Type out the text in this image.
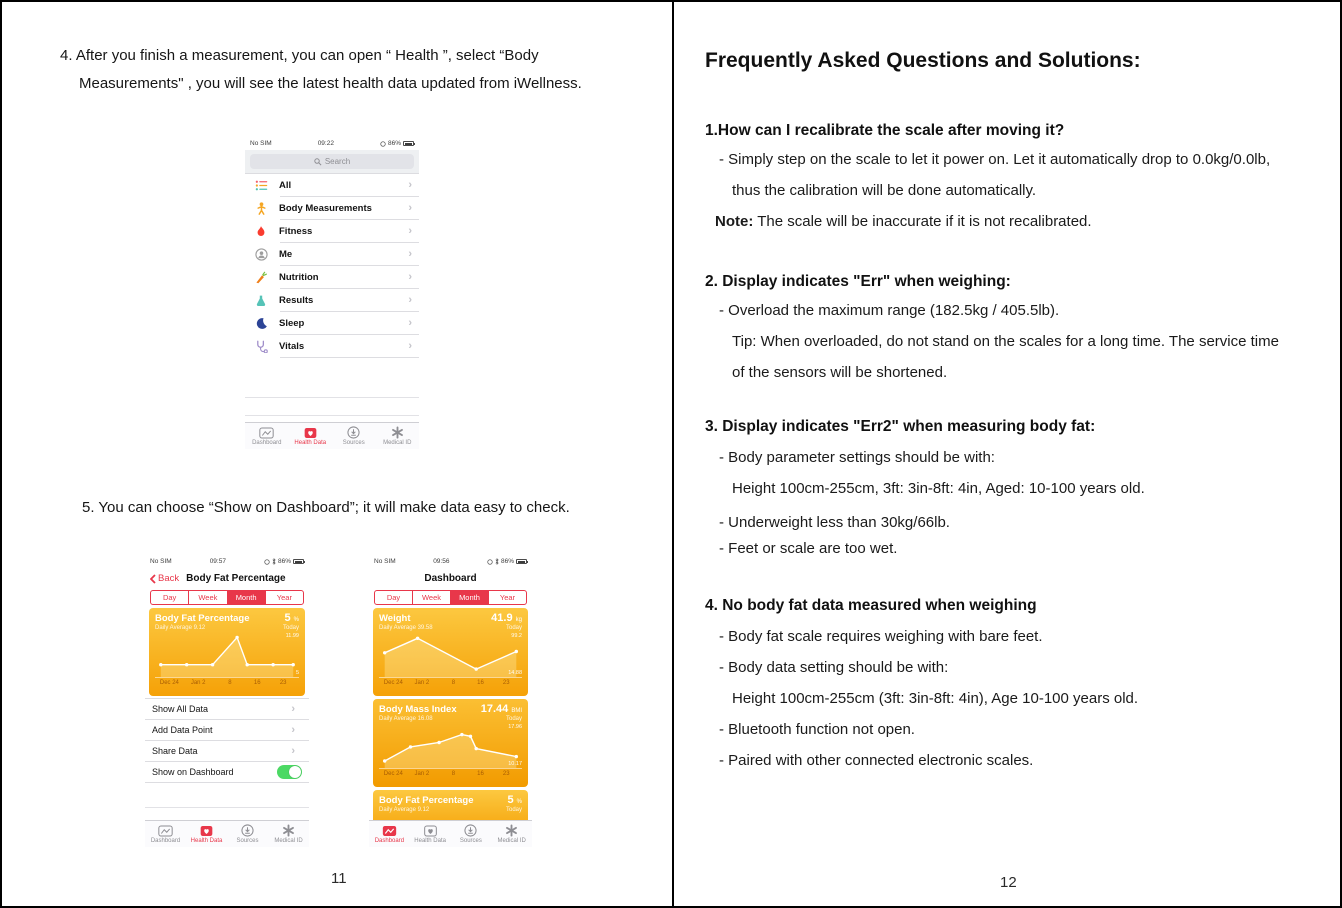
4. After you finish a measurement, you can open “ Health ”, select “Body
Measurements" , you will see the latest health data updated from iWellness.
No SIM	09:22	86%
Search
All	›
Body Measurements	›
Fitness	›
Me	›
Nutrition	›
Results	›
Sleep	›
Vitals	›
Dashboard Health Data	Sources	Medical ID
5. You can choose “Show on Dashboard”; it will make data easy to check.
No SIM	09:57	86%
Back Body Fat Percentage
Day	Week	Month	Year
Body Fat Percentage	5 %
Daily Average 9.12	Today
11.99
5
Dec 24 Jan 2	8	16	23
Show All Data	›
Add Data Point	›
Share Data	›
Show on Dashboard
Dashboard Health Data Sources	Medical ID
No SIM	09:56	86%
Dashboard
Day	Week	Month	Year
Weight	41.9 kg
Daily Average 39.58	Today
99.2
14.88
Dec 24 Jan 2	8	16	23
Body Mass Index 17.44 BMI
Daily Average 16.08	Today
17.96
10.17
Dec 24 Jan 2	8	16	23
Body Fat Percentage	5 %
Daily Average 9.12	Today
Dashboard Health Data Sources	Medical ID
11
Frequently Asked Questions and Solutions:
1.How can I recalibrate the scale after moving it?
- Simply step on the scale to let it power on. Let it automatically drop to 0.0kg/0.0lb,
thus the calibration will be done automatically.
Note: The scale will be inaccurate if it is not recalibrated.
2. Display indicates "Err" when weighing:
- Overload the maximum range (182.5kg / 405.5lb).
Tip: When overloaded, do not stand on the scales for a long time. The service time
of the sensors will be shortened.
3. Display indicates "Err2" when measuring body fat:
- Body parameter settings should be with:
Height 100cm-255cm, 3ft: 3in-8ft: 4in, Aged: 10-100 years old.
- Underweight less than 30kg/66lb.
- Feet or scale are too wet.
4. No body fat data measured when weighing
- Body fat scale requires weighing with bare feet.
- Body data setting should be with:
Height 100cm-255cm (3ft: 3in-8ft: 4in), Age 10-100 years old.
- Bluetooth function not open.
- Paired with other connected electronic scales.
12
